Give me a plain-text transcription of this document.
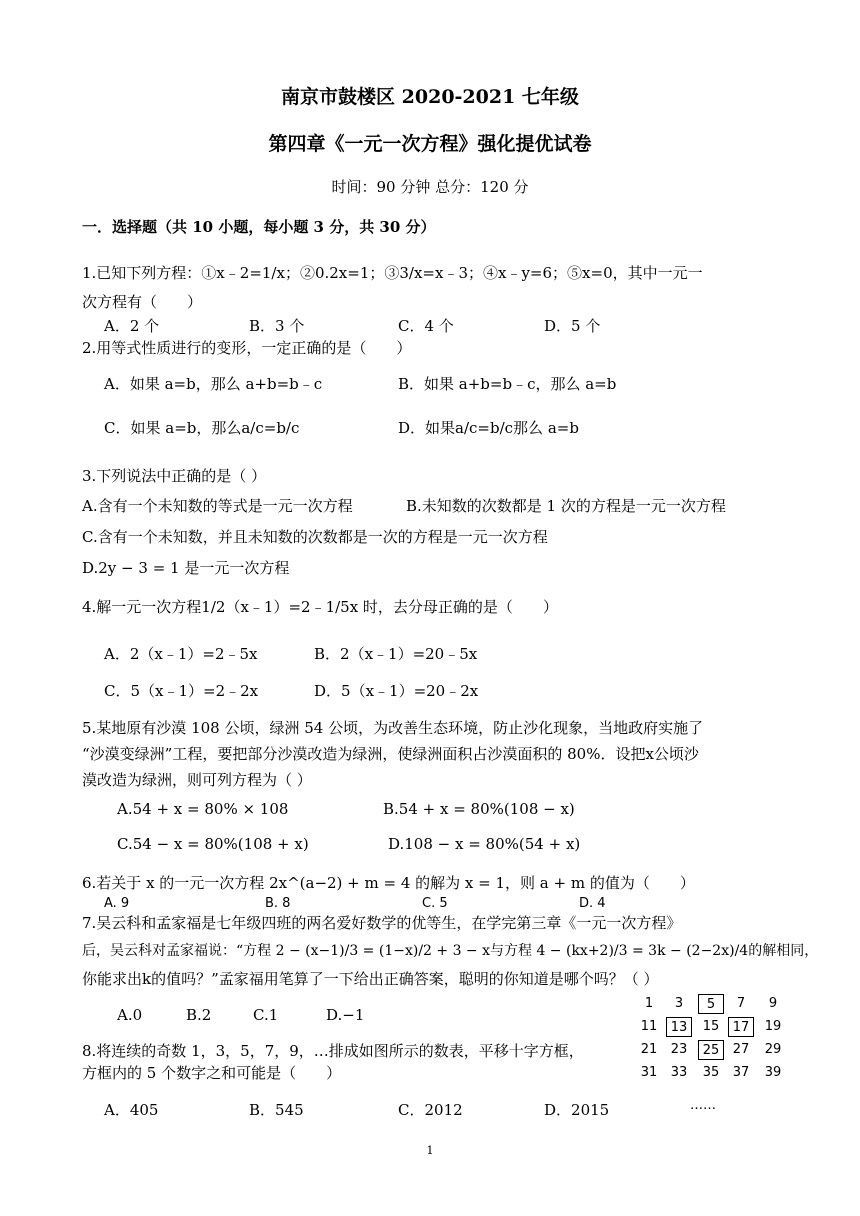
南京市鼓楼区 2020-2021 七年级
第四章《一元一次方程》强化提优试卷
时间：90 分钟 总分：120 分
一．选择题（共 10 小题，每小题 3 分，共 30 分）
1.已知下列方程：①x﹣2=1/x；②0.2x=1；③3/x=x﹣3；④x﹣y=6；⑤x=0，其中一元一
次方程有（　　）
A．2 个	B．3 个	C．4 个	D．5 个
2.用等式性质进行的变形，一定正确的是（　　）
A．如果 a=b，那么 a+b=b﹣c	B．如果 a+b=b﹣c，那么 a=b
C．如果 a=b，那么a/c=b/c	D．如果a/c=b/c那么 a=b
3.下列说法中正确的是（ ）
A.含有一个未知数的等式是一元一次方程	B.未知数的次数都是 1 次的方程是一元一次方程
C.含有一个未知数，并且未知数的次数都是一次的方程是一元一次方程
D.2y − 3 = 1 是一元一次方程
4.解一元一次方程1/2（x﹣1）=2﹣1/5x 时，去分母正确的是（　　）
A．2（x﹣1）=2﹣5x	B．2（x﹣1）=20﹣5x
C．5（x﹣1）=2﹣2x	D．5（x﹣1）=20﹣2x
5.某地原有沙漠 108 公顷，绿洲 54 公顷，为改善生态环境，防止沙化现象，当地政府实施了
“沙漠变绿洲”工程，要把部分沙漠改造为绿洲，使绿洲面积占沙漠面积的 80%．设把x公顷沙
漠改造为绿洲，则可列方程为（ ）
A.54 + x = 80% × 108	B.54 + x = 80%(108 − x)
C.54 − x = 80%(108 + x)	D.108 − x = 80%(54 + x)
6.若关于 x 的一元一次方程 2x^(a−2) + m = 4 的解为 x = 1，则 a + m 的值为（　　）
A. 9	B. 8	C. 5	D. 4
7.吴云科和孟家福是七年级四班的两名爱好数学的优等生，在学完第三章《一元一次方程》
后，吴云科对孟家福说：“方程 2 − (x−1)/3 = (1−x)/2 + 3 − x与方程 4 − (kx+2)/3 = 3k − (2−2x)/4的解相同，
你能求出k的值吗？”孟家福用笔算了一下给出正确答案，聪明的你知道是哪个吗？（ ）
A.0	B.2	C.1	D.−1
8.将连续的奇数 1，3，5，7，9，…排成如图所示的数表，平移十字方框，
方框内的 5 个数字之和可能是（　　）
A．405	B．545	C．2012	D．2015
1	3	5	7	9
11	13	15	17	19
21	23	25	27	29
31	33	35	37	39
……
1
